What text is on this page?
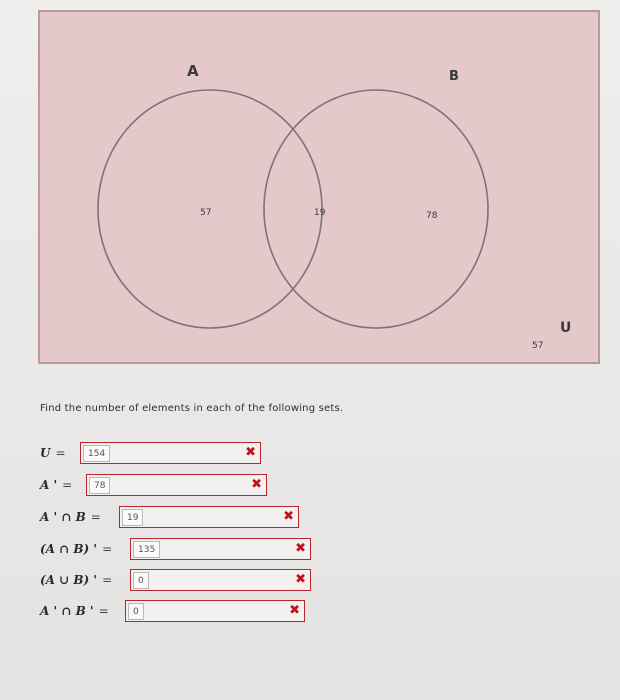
A	B
57	19	78
57
U
Find the number of elements in each of the following sets.
U =	154	✖
A ' =	78	✖
A ' ∩ B =	19	✖
(A ∩ B) ' =	135	✖
(A ∪ B) ' =	0	✖
A ' ∩ B ' =	0	✖
